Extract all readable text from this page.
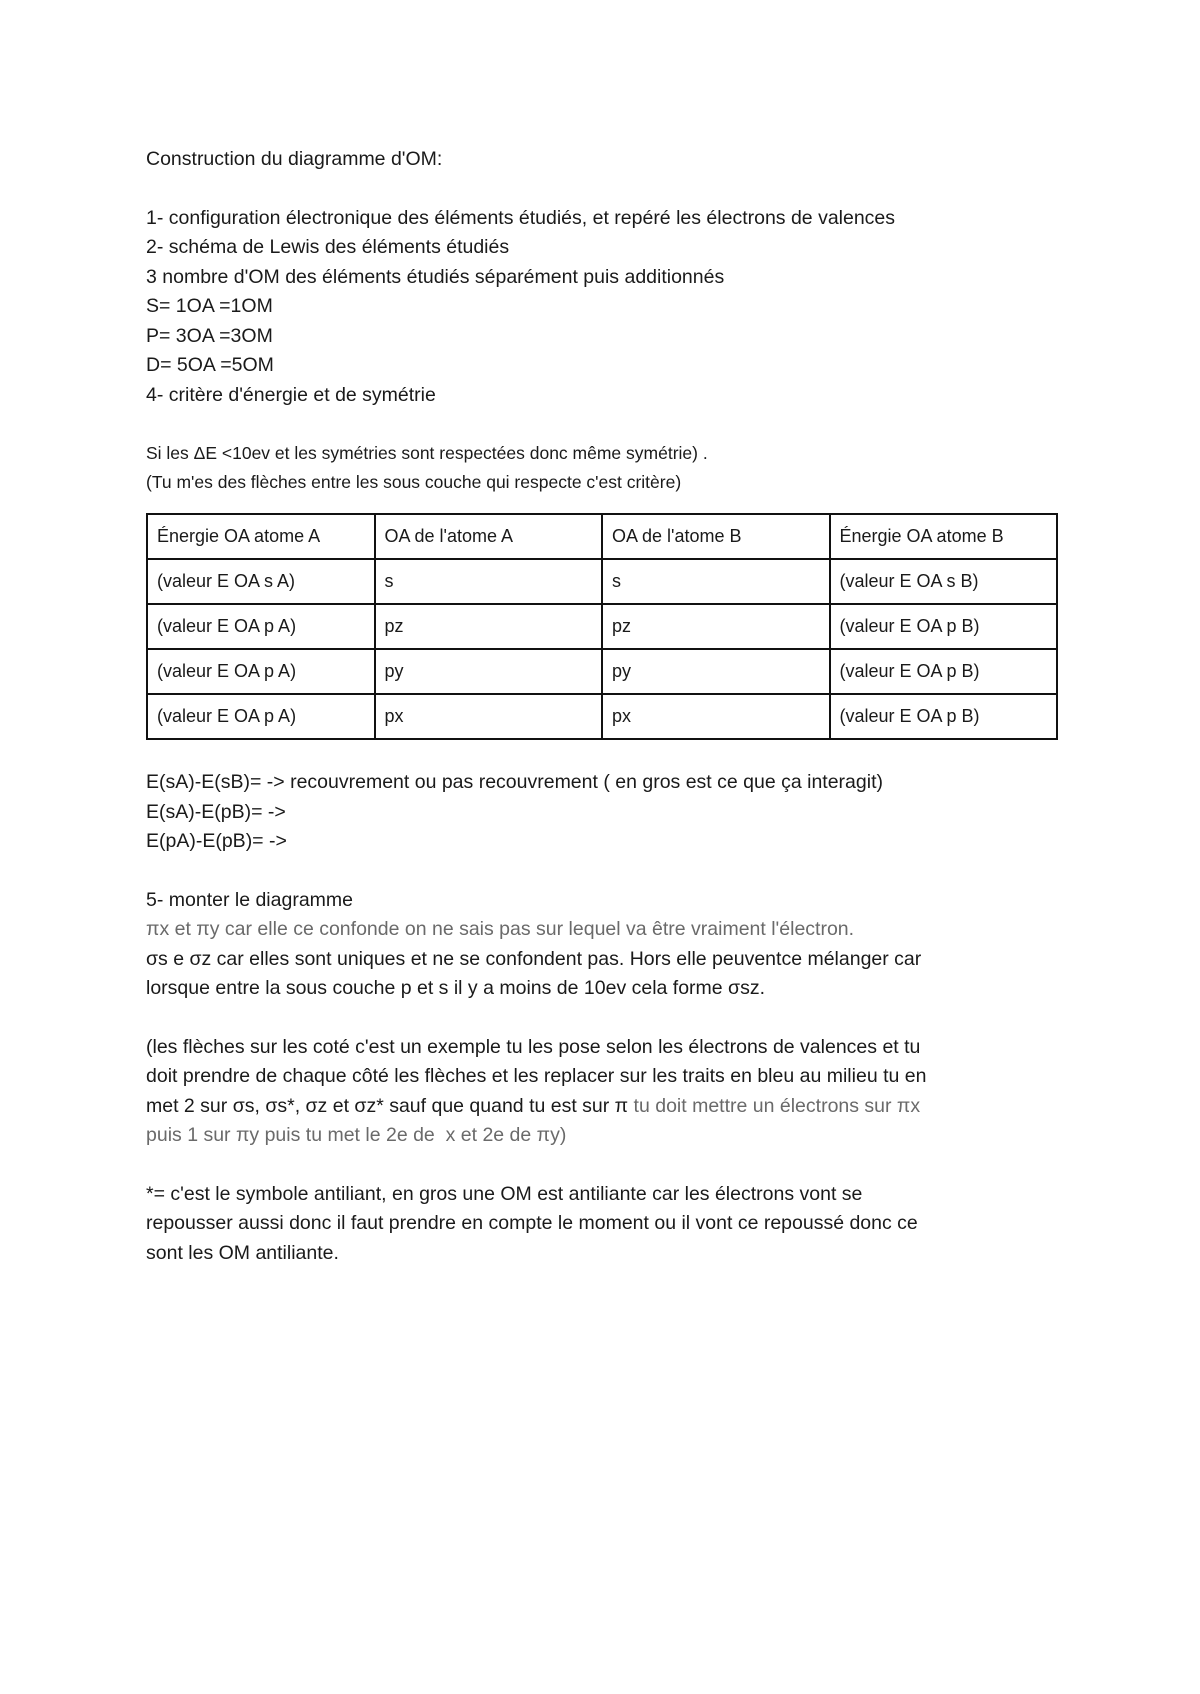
Construction du diagramme d'OM:

1- configuration électronique des éléments étudiés, et repéré les électrons de valences

2- schéma de Lewis des éléments étudiés

3 nombre d'OM des éléments étudiés séparément puis additionnés

S= 1OA =1OM

P= 3OA =3OM

D= 5OA =5OM

4- critère d'énergie et de symétrie

Si les ΔE <10ev et les symétries sont respectées donc même symétrie) .

(Tu m'es des flèches entre les sous couche qui respecte c'est critère)

Énergie OA atome A	OA de l'atome A	OA de l'atome B	Énergie OA atome B
(valeur E OA s A)	s	s	(valeur E OA s B)
(valeur E OA p A)	pz	pz	(valeur E OA p B)
(valeur E OA p A)	py	py	(valeur E OA p B)
(valeur E OA p A)	px	px	(valeur E OA p B)

E(sA)-E(sB)= -> recouvrement ou pas recouvrement ( en gros est ce que ça interagit)

E(sA)-E(pB)= ->

E(pA)-E(pB)= ->

5- monter le diagramme

πx et πy car elle ce confonde on ne sais pas sur lequel va être vraiment l'électron.

σs e σz car elles sont uniques et ne se confondent pas. Hors elle peuventce mélanger car

lorsque entre la sous couche p et s il y a moins de 10ev cela forme σsz.

(les flèches sur les coté c'est un exemple tu les pose selon les électrons de valences et tu

doit prendre de chaque côté les flèches et les replacer sur les traits en bleu au milieu tu en

met 2 sur σs, σs*, σz et σz* sauf que quand tu est sur π tu doit mettre un électrons sur πx

puis 1 sur πy puis tu met le 2e de  x et 2e de πy)

*= c'est le symbole antiliant, en gros une OM est antiliante car les électrons vont se

repousser aussi donc il faut prendre en compte le moment ou il vont ce repoussé donc ce

sont les OM antiliante.
